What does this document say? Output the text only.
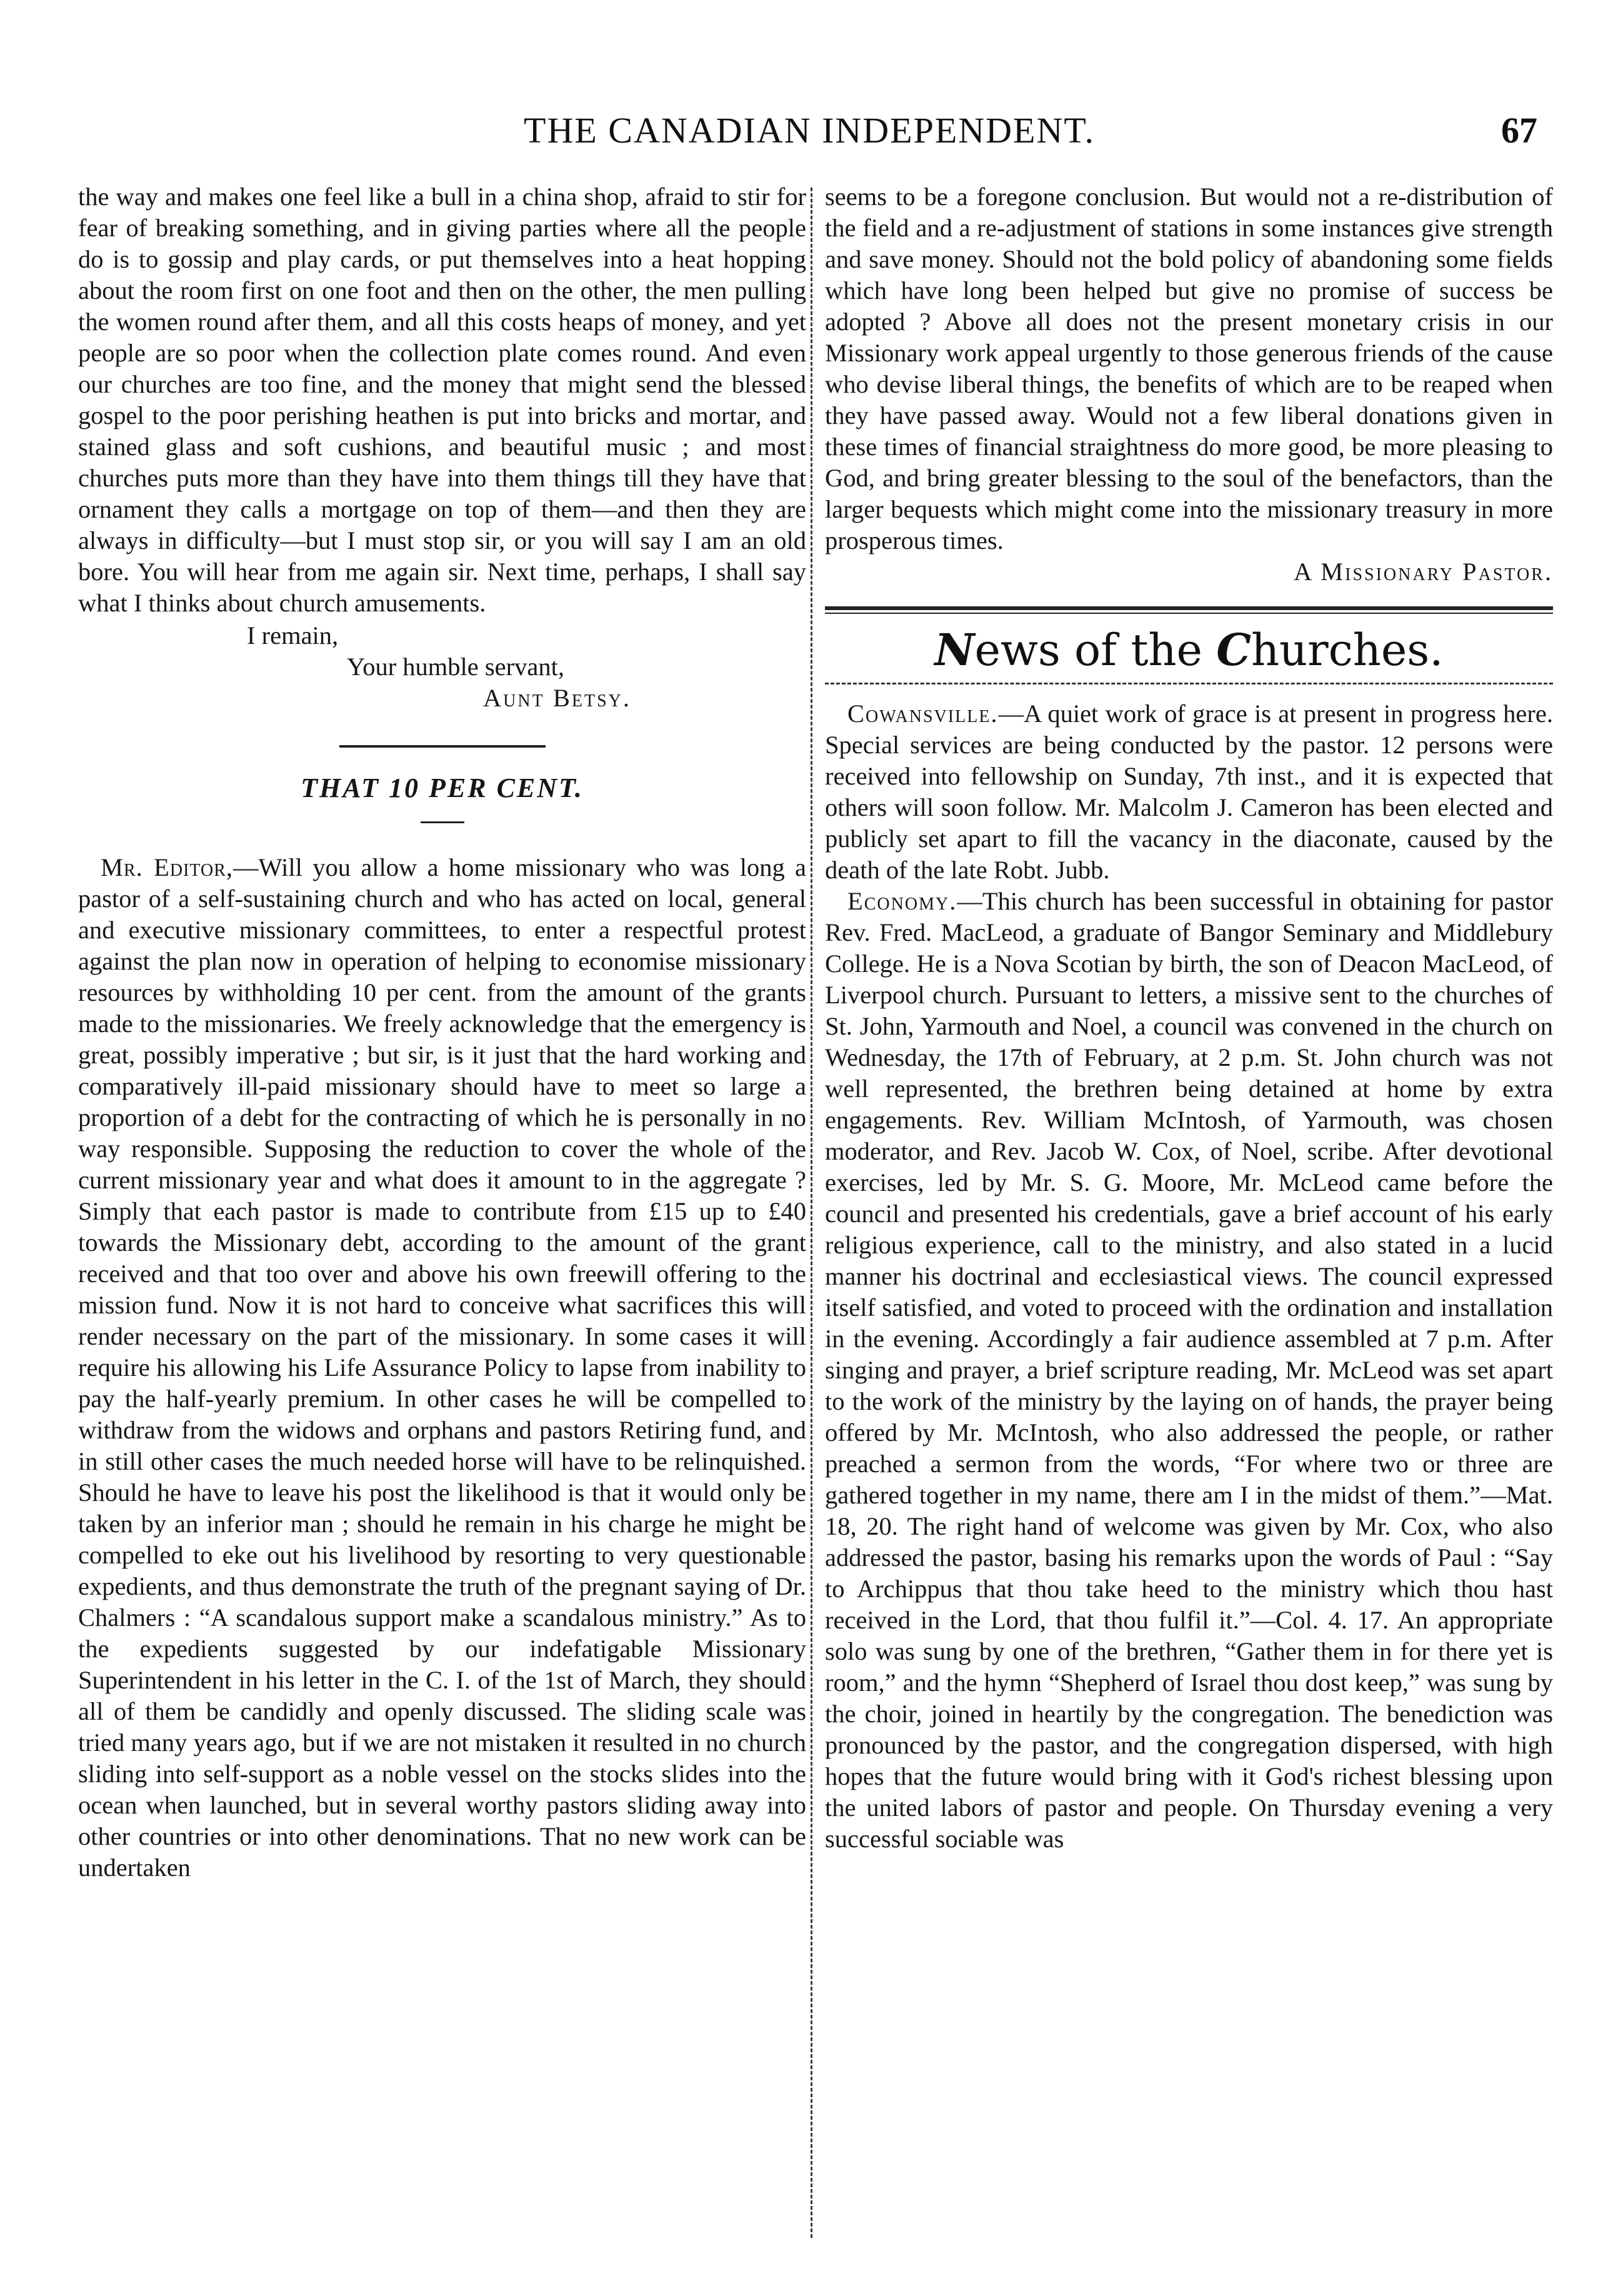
THE CANADIAN INDEPENDENT.	67

the way and makes one feel like a bull in a china shop, afraid to stir for fear of breaking something, and in giving parties where all the people do is to gossip and play cards, or put themselves into a heat hopping about the room first on one foot and then on the other, the men pulling the women round after them, and all this costs heaps of money, and yet people are so poor when the collection plate comes round. And even our churches are too fine, and the money that might send the blessed gospel to the poor perishing heathen is put into bricks and mortar, and stained glass and soft cushions, and beautiful music ; and most churches puts more than they have into them things till they have that ornament they calls a mortgage on top of them—and then they are always in difficulty—but I must stop sir, or you will say I am an old bore. You will hear from me again sir. Next time, perhaps, I shall say what I thinks about church amusements.

I remain,
Your humble servant,
Aunt Betsy.
THAT 10 PER CENT.

Mr. Editor,—Will you allow a home missionary who was long a pastor of a self-sustaining church and who has acted on local, general and executive missionary committees, to enter a respectful protest against the plan now in operation of helping to economise missionary resources by withholding 10 per cent. from the amount of the grants made to the missionaries. We freely acknowledge that the emergency is great, possibly imperative ; but sir, is it just that the hard working and comparatively ill-paid missionary should have to meet so large a proportion of a debt for the contracting of which he is personally in no way responsible. Supposing the reduction to cover the whole of the current missionary year and what does it amount to in the aggregate ? Simply that each pastor is made to contribute from £15 up to £40 towards the Missionary debt, according to the amount of the grant received and that too over and above his own freewill offering to the mission fund. Now it is not hard to conceive what sacrifices this will render necessary on the part of the missionary. In some cases it will require his allowing his Life Assurance Policy to lapse from inability to pay the half-yearly premium. In other cases he will be compelled to withdraw from the widows and orphans and pastors Retiring fund, and in still other cases the much needed horse will have to be relinquished. Should he have to leave his post the likelihood is that it would only be taken by an inferior man ; should he remain in his charge he might be compelled to eke out his livelihood by resorting to very questionable expedients, and thus demonstrate the truth of the pregnant saying of Dr. Chalmers : “A scandalous support make a scandalous ministry.” As to the expedients suggested by our indefatigable Missionary Superintendent in his letter in the C. I. of the 1st of March, they should all of them be candidly and openly discussed. The sliding scale was tried many years ago, but if we are not mistaken it resulted in no church sliding into self-support as a noble vessel on the stocks slides into the ocean when launched, but in several worthy pastors sliding away into other countries or into other denominations. That no new work can be undertaken

seems to be a foregone conclusion. But would not a re-distribution of the field and a re-adjustment of stations in some instances give strength and save money. Should not the bold policy of abandoning some fields which have long been helped but give no promise of success be adopted ? Above all does not the present monetary crisis in our Missionary work appeal urgently to those generous friends of the cause who devise liberal things, the benefits of which are to be reaped when they have passed away. Would not a few liberal donations given in these times of financial straightness do more good, be more pleasing to God, and bring greater blessing to the soul of the benefactors, than the larger bequests which might come into the missionary treasury in more prosperous times.

A Missionary Pastor.
News of the Churches.

Cowansville.—A quiet work of grace is at present in progress here. Special services are being conducted by the pastor. 12 persons were received into fellowship on Sunday, 7th inst., and it is expected that others will soon follow. Mr. Malcolm J. Cameron has been elected and publicly set apart to fill the vacancy in the diaconate, caused by the death of the late Robt. Jubb.

Economy.—This church has been successful in obtaining for pastor Rev. Fred. MacLeod, a graduate of Bangor Seminary and Middlebury College. He is a Nova Scotian by birth, the son of Deacon MacLeod, of Liverpool church. Pursuant to letters, a missive sent to the churches of St. John, Yarmouth and Noel, a council was convened in the church on Wednesday, the 17th of February, at 2 p.m. St. John church was not well represented, the brethren being detained at home by extra engagements. Rev. William McIntosh, of Yarmouth, was chosen moderator, and Rev. Jacob W. Cox, of Noel, scribe. After devotional exercises, led by Mr. S. G. Moore, Mr. McLeod came before the council and presented his credentials, gave a brief account of his early religious experience, call to the ministry, and also stated in a lucid manner his doctrinal and ecclesiastical views. The council expressed itself satisfied, and voted to proceed with the ordination and installation in the evening. Accordingly a fair audience assembled at 7 p.m. After singing and prayer, a brief scripture reading, Mr. McLeod was set apart to the work of the ministry by the laying on of hands, the prayer being offered by Mr. McIntosh, who also addressed the people, or rather preached a sermon from the words, “For where two or three are gathered together in my name, there am I in the midst of them.”—Mat. 18, 20. The right hand of welcome was given by Mr. Cox, who also addressed the pastor, basing his remarks upon the words of Paul : “Say to Archippus that thou take heed to the ministry which thou hast received in the Lord, that thou fulfil it.”—Col. 4. 17. An appropriate solo was sung by one of the brethren, “Gather them in for there yet is room,” and the hymn “Shepherd of Israel thou dost keep,” was sung by the choir, joined in heartily by the congregation. The benediction was pronounced by the pastor, and the congregation dispersed, with high hopes that the future would bring with it God's richest blessing upon the united labors of pastor and people. On Thursday evening a very successful sociable was
